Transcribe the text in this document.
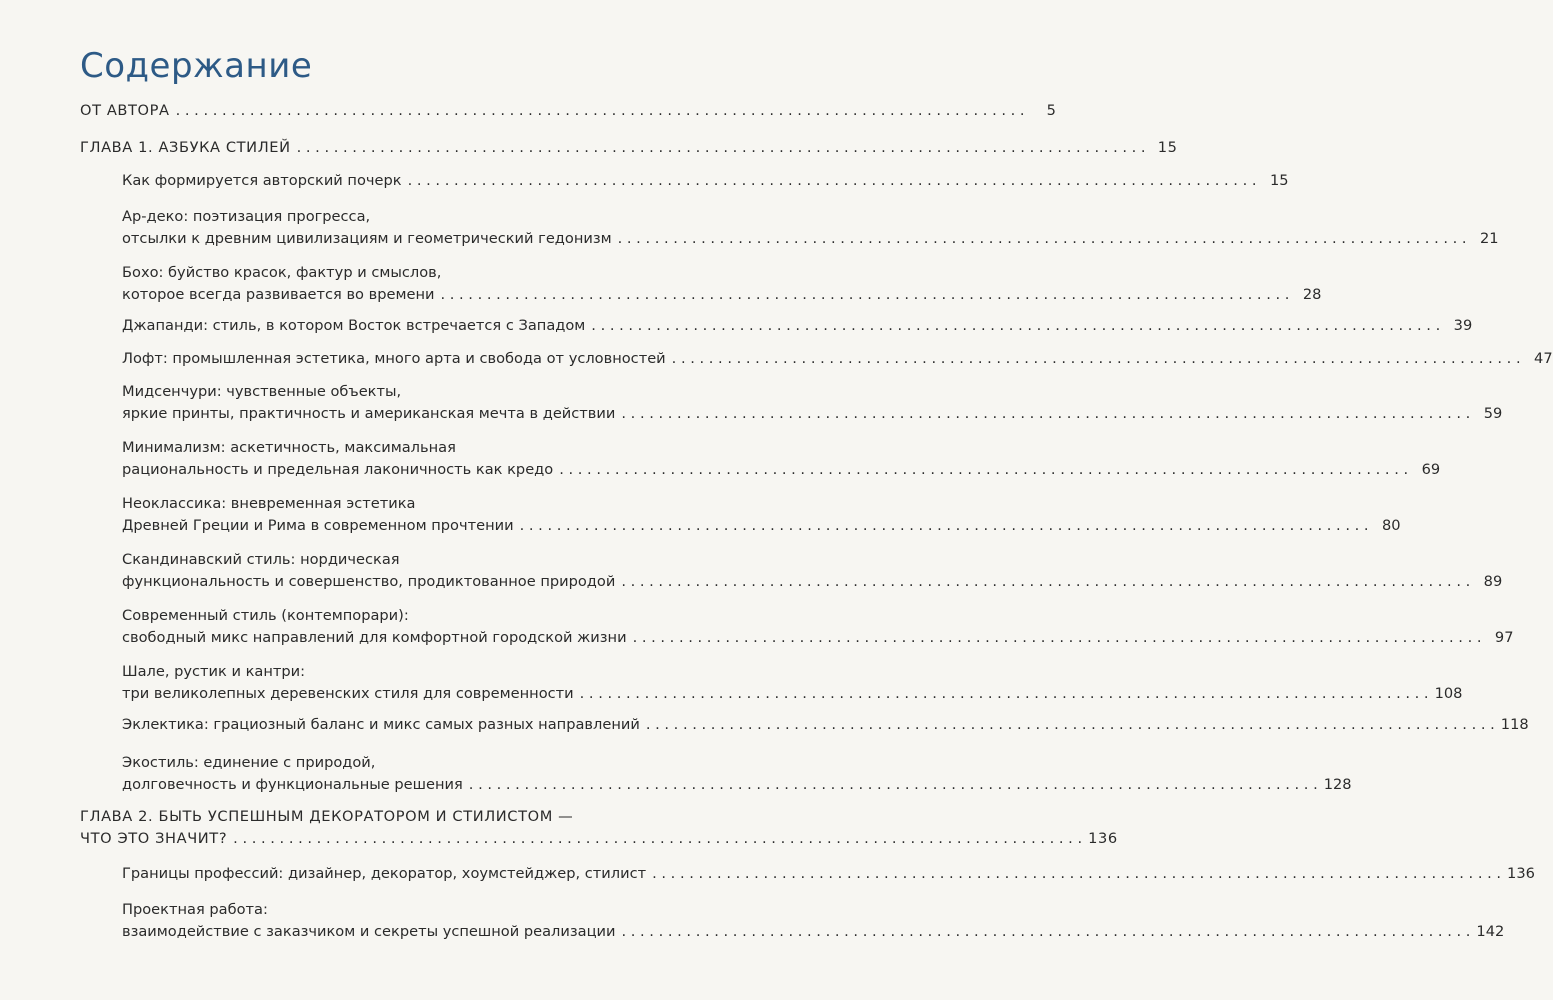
Содержание
ОТ АВТОРА . . .	5
ГЛАВА 1. АЗБУКА СТИЛЕЙ . . .	15
Как формируется авторский почерк . . .	15
Ар-деко: поэтизация прогресса,
отсылки к древним цивилизациям и геометрический гедонизм . . .	21
Бохо: буйство красок, фактур и смыслов,
которое всегда развивается во времени . . .	28
Джапанди: стиль, в котором Восток встречается с Западом . . .	39
Лофт: промышленная эстетика, много арта и свобода от условностей . . .	47
Мидсенчури: чувственные объекты,
яркие принты, практичность и американская мечта в действии . . .	59
Минимализм: аскетичность, максимальная
рациональность и предельная лаконичность как кредо . . .	69
Неоклассика: вневременная эстетика
Древней Греции и Рима в современном прочтении . . .	80
Скандинавский стиль: нордическая
функциональность и совершенство, продиктованное природой . . .	89
Современный стиль (контемпорари):
свободный микс направлений для комфортной городской жизни . . .	97
Шале, рустик и кантри:
три великолепных деревенских стиля для современности . . .	108
Эклектика: грациозный баланс и микс самых разных направлений . . .	118
Экостиль: единение с природой,
долговечность и функциональные решения . . .	128
ГЛАВА 2. БЫТЬ УСПЕШНЫМ ДЕКОРАТОРОМ И СТИЛИСТОМ —
ЧТО ЭТО ЗНАЧИТ? . . .	136
Границы профессий: дизайнер, декоратор, хоумстейджер, стилист . . .	136
Проектная работа:
взаимодействие с заказчиком и секреты успешной реализации . . .	142
